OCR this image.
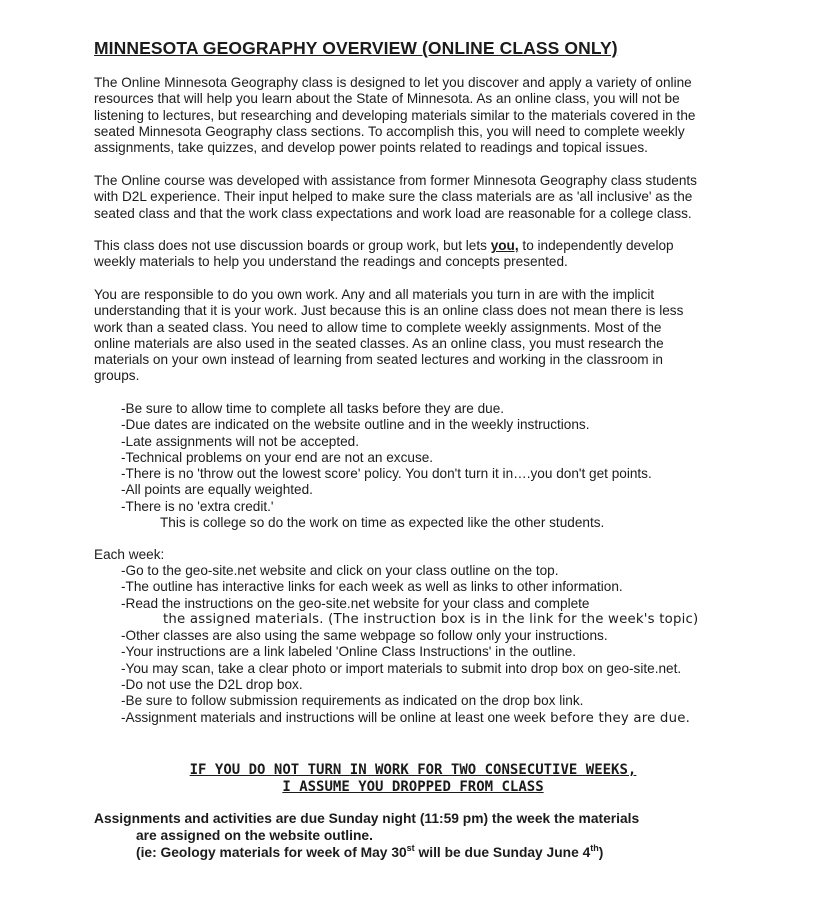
MINNESOTA GEOGRAPHY OVERVIEW (ONLINE CLASS ONLY)
The Online Minnesota Geography class is designed to let you discover and apply a variety of online
resources that will help you learn about the State of Minnesota. As an online class, you will not be
listening to lectures, but researching and developing materials similar to the materials covered in the
seated Minnesota Geography class sections. To accomplish this, you will need to complete weekly
assignments, take quizzes, and develop power points related to readings and topical issues.
The Online course was developed with assistance from former Minnesota Geography class students
with D2L experience. Their input helped to make sure the class materials are as 'all inclusive' as the
seated class and that the work class expectations and work load are reasonable for a college class.
This class does not use discussion boards or group work, but lets you, to independently develop
weekly materials to help you understand the readings and concepts presented.
You are responsible to do you own work. Any and all materials you turn in are with the implicit
understanding that it is your work. Just because this is an online class does not mean there is less
work than a seated class. You need to allow time to complete weekly assignments. Most of the
online materials are also used in the seated classes. As an online class, you must research the
materials on your own instead of learning from seated lectures and working in the classroom in
groups.
-Be sure to allow time to complete all tasks before they are due.
-Due dates are indicated on the website outline and in the weekly instructions.
-Late assignments will not be accepted.
-Technical problems on your end are not an excuse.
-There is no 'throw out the lowest score' policy. You don't turn it in….you don't get points.
-All points are equally weighted.
-There is no 'extra credit.'
This is college so do the work on time as expected like the other students.
Each week:
-Go to the geo-site.net website and click on your class outline on the top.
-The outline has interactive links for each week as well as links to other information.
-Read the instructions on the geo-site.net website for your class and complete
the assigned materials. (The instruction box is in the link for the week's topic)
-Other classes are also using the same webpage so follow only your instructions.
-Your instructions are a link labeled 'Online Class Instructions' in the outline.
-You may scan, take a clear photo or import materials to submit into drop box on geo-site.net.
-Do not use the D2L drop box.
-Be sure to follow submission requirements as indicated on the drop box link.
-Assignment materials and instructions will be online at least one week before they are due.
IF YOU DO NOT TURN IN WORK FOR TWO CONSECUTIVE WEEKS,
I ASSUME YOU DROPPED FROM CLASS
Assignments and activities are due Sunday night (11:59 pm) the week the materials
are assigned on the website outline.
(ie: Geology materials for week of May 30st will be due Sunday June 4th)
